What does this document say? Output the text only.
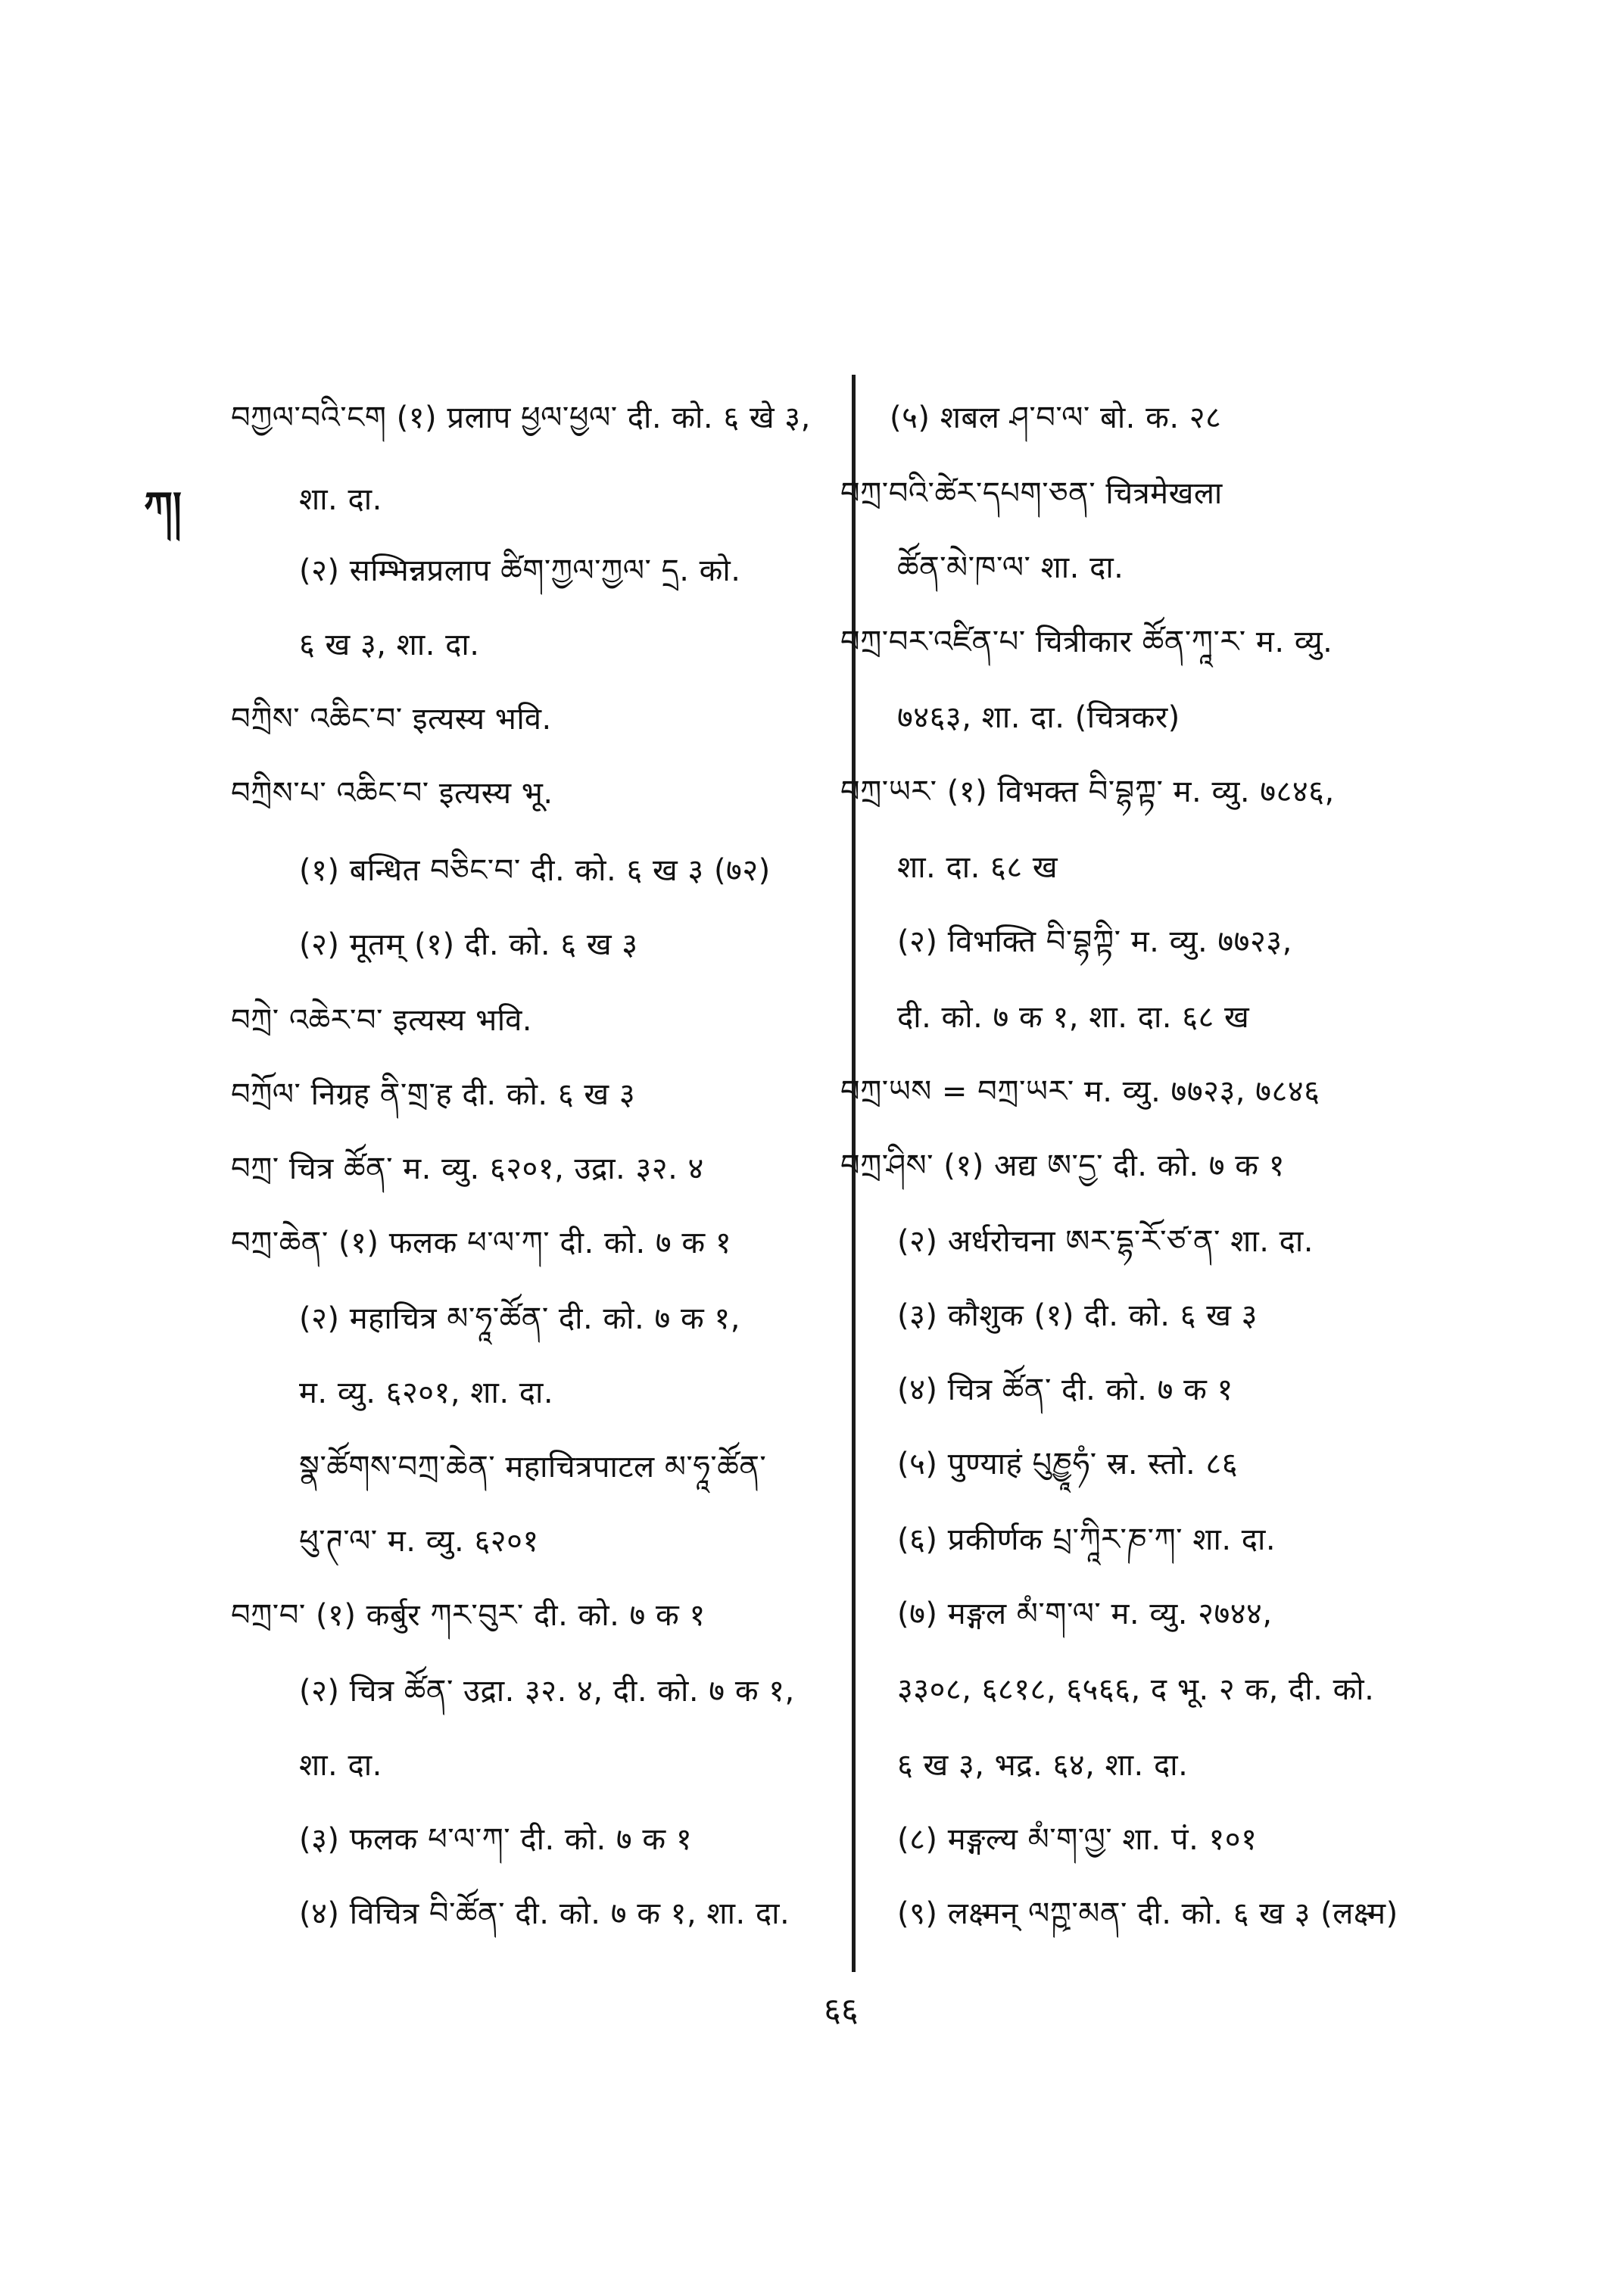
ཀ།
བཀྱལ་བའི་ངག (१) प्रलाप ཕྱལ་ཕྱལ་ दी. को. ६ खे ३,
शा. दा.
(२) सम्भिन्नप्रलाप ཚིག་ཀྱལ་ཀྱལ་ དྲ. को.
६ ख ३, शा. दा.
བཀྲིས་ འཆིང་བ་ इत्यस्य भवि.
བཀྲིས་པ་ འཆིང་བ་ इत्यस्य भू.
(१) बन्धित བཅིང་བ་ दी. को. ६ ख ३ (७२)
(२) मूतम् (१) दी. को. ६ ख ३
བཀྲེ་ འཆེར་བ་ इत्यस्य भवि.
བཀྲོལ་ निग्रह ནི་གྲ་ह दी. को. ६ ख ३
བཀྲ་ चित्र ཚོན་ म. व्यु. ६२०१, उद्रा. ३२. ४
བཀྲ་ཆེན་ (१) फलक ཕ་ལ་ཀ་ दी. को. ७ क १
(२) महाचित्र མ་ཧཱ་ཚོན་ दी. को. ७ क १,
म. व्यु. ६२०१, शा. दा.
སྣ་ཚོགས་བཀྲ་ཆེན་ महाचित्रपाटल མ་ཧཱ་ཚོན་
ཕུ་ཊ་ལ་ म. व्यु. ६२०१
བཀྲ་བ་ (१) कर्बुर ཀར་བུར་ दी. को. ७ क १
(२) चित्र ཚོན་ उद्रा. ३२. ४, दी. को. ७ क १,
शा. दा.
(३) फलक ཕ་ལ་ཀ་ दी. को. ७ क १
(४) विचित्र བི་ཚོན་ दी. को. ७ क १, शा. दा.
(५) शबल ཤ་བ་ལ་ बो. क. २८
བཀྲ་བའི་ཚེར་དཔག་ཅན་ चित्रमेखला
ཚོན་མེ་ཁ་ལ་ शा. दा.
བཀྲ་བར་འཛིན་པ་ चित्रीकार ཚོན་ཀཱ་ར་ म. व्यु.
७४६३, शा. दा. (चित्रकर)
བཀྲ་ཡར་ (१) विभक्त བི་བྷཀྟ་ म. व्यु. ७८४६,
शा. दा. ६८ ख
(२) विभक्ति བི་བྷཀྟི་ म. व्यु. ७७२३,
दी. को. ७ क १, शा. दा. ६८ ख
བཀྲ་ཡས = བཀྲ་ཡར་ म. व्यु. ७७२३, ७८४६
བཀྲ་ཤིས་ (१) अद्य ཨ་དྱ་ दी. को. ७ क १
(२) अर्धरोचना ཨར་དྷ་རོ་ཙ་ན་ शा. दा.
(३) कौशुक (१) दी. को. ६ ख ३
(४) चित्र ཚོན་ दी. को. ७ क १
(५) पुण्याहं པུཎྱཱཧཾ་ स्र. स्तो. ८६
(६) प्रकीर्णक པྲ་ཀཱིར་ཎ་ཀ་ शा. दा.
(७) मङ्गल མཾ་ག་ལ་ म. व्यु. २७४४,
३३०८, ६८१८, ६५६६, द भू. २ क, दी. को.
६ ख ३, भद्र. ६४, शा. दा.
(८) मङ्गल्य མཾ་ག་ལྱ་ शा. पं. १०१
(९) लक्ष्मन् ལཀྵ་མན་ दी. को. ६ ख ३ (लक्ष्म)
६६
